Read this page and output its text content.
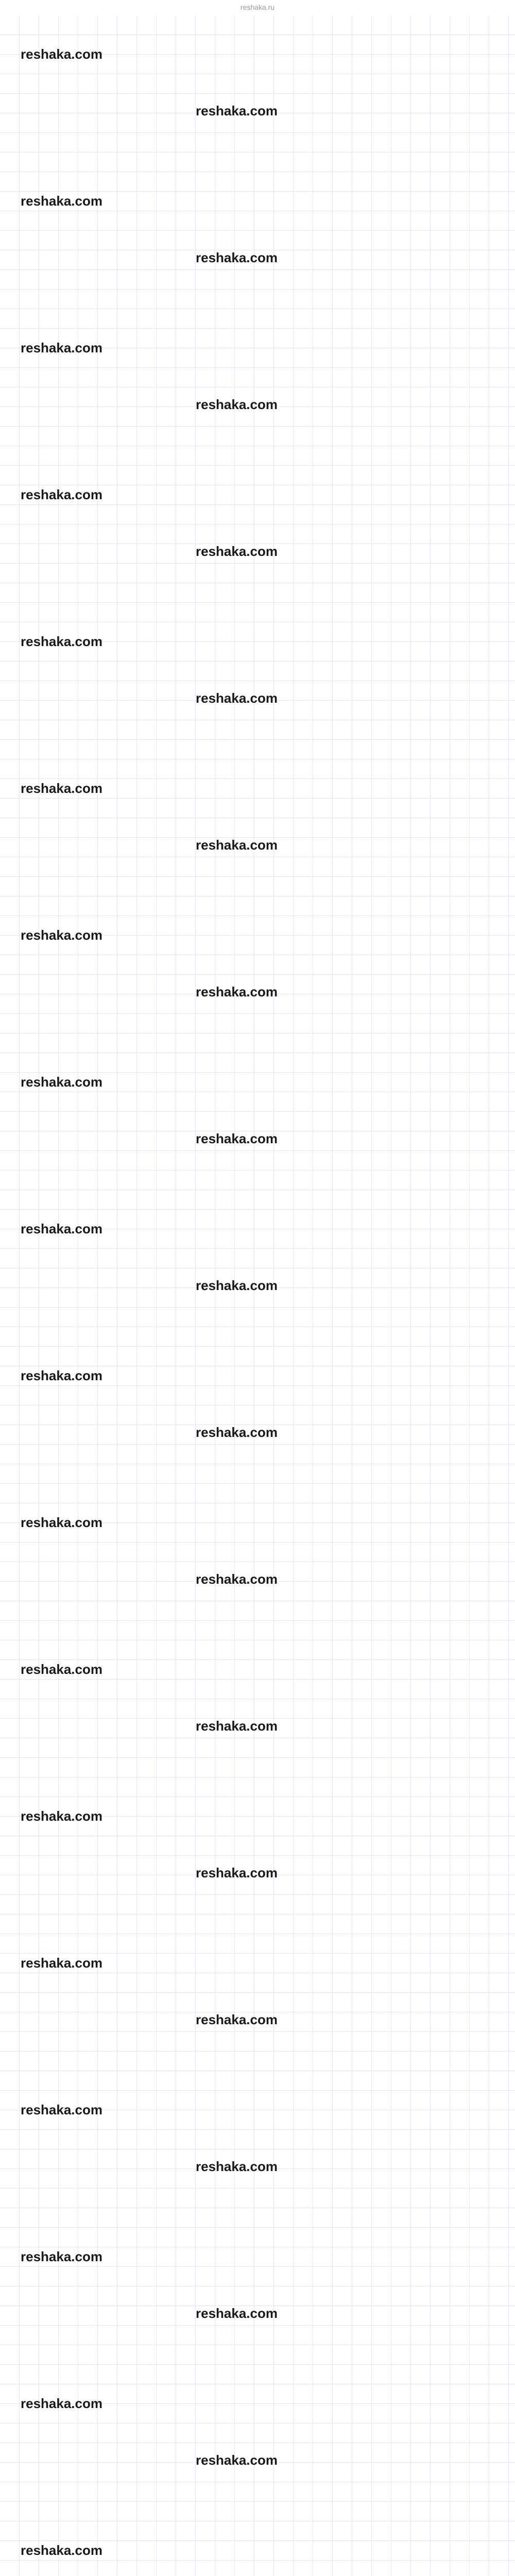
reshaka.ru
reshaka.com
reshaka.com
reshaka.com
reshaka.com
reshaka.com
reshaka.com
reshaka.com
reshaka.com
reshaka.com
reshaka.com
reshaka.com
reshaka.com
reshaka.com
reshaka.com
reshaka.com
reshaka.com
reshaka.com
reshaka.com
reshaka.com
reshaka.com
reshaka.com
reshaka.com
reshaka.com
reshaka.com
reshaka.com
reshaka.com
reshaka.com
reshaka.com
reshaka.com
reshaka.com
reshaka.com
reshaka.com
reshaka.com
reshaka.com
reshaka.com
